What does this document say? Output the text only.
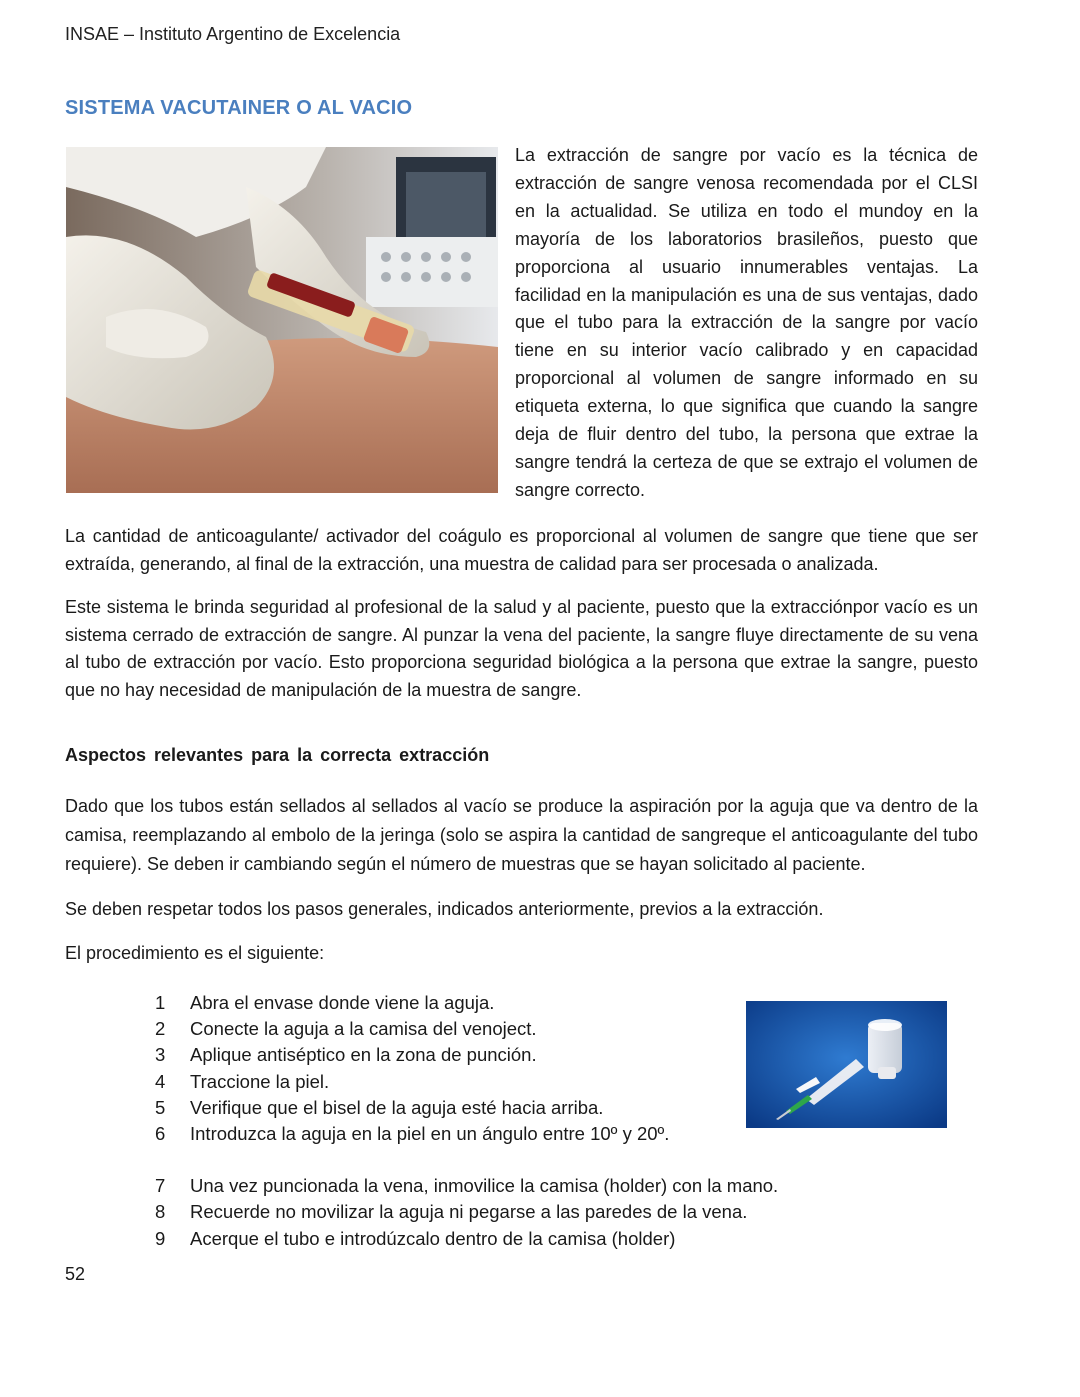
INSAE – Instituto Argentino de Excelencia
SISTEMA VACUTAINER O AL VACIO
La extracción de sangre por vacío es la técnica de extracción de sangre venosa recomendada por el CLSI en la actualidad. Se utiliza en todo el mundoy en la mayoría de los laboratorios brasileños, puesto que proporciona al usuario innumerables ventajas. La facilidad en la manipulación es una de sus ventajas, dado que el tubo para la extracción de la sangre por vacío tiene en su interior vacío calibrado y en capacidad proporcional al volumen de sangre informado en su etiqueta externa, lo que significa que cuando la sangre deja de fluir dentro del tubo, la persona que extrae la sangre tendrá la certeza de que se extrajo el volumen de sangre correcto.
La cantidad de anticoagulante/ activador del coágulo es proporcional al volumen de sangre que tiene que ser extraída, generando, al final de la extracción, una muestra de calidad para ser procesada o analizada.
Este sistema le brinda seguridad al profesional de la salud y al paciente, puesto que la extracciónpor vacío es un sistema cerrado de extracción de sangre. Al punzar la vena del paciente, la sangre fluye directamente de su vena al tubo de extracción por vacío. Esto proporciona seguridad biológica a la persona que extrae la sangre, puesto que no hay necesidad de manipulación de la muestra de sangre.
Aspectos relevantes para la correcta extracción
Dado que los tubos están sellados al sellados al vacío se produce la aspiración por la aguja que va dentro de la camisa, reemplazando al embolo de la jeringa (solo se aspira la cantidad de sangreque el anticoagulante del tubo requiere). Se deben ir cambiando según el número de muestras que se hayan solicitado al paciente.
Se deben respetar todos los pasos generales, indicados anteriormente, previos a la extracción.
El procedimiento es el siguiente:
1	Abra el envase donde viene la aguja.
2	Conecte la aguja a la camisa del venoject.
3	Aplique antiséptico en la zona de punción.
4	Traccione la piel.
5	Verifique que el bisel de la aguja esté hacia arriba.
6	Introduzca la aguja en la piel en un ángulo entre 10º y 20º.
7	Una vez puncionada la vena, inmovilice la camisa (holder) con la mano.
8	Recuerde no movilizar la aguja ni pegarse a las paredes de la vena.
9	Acerque el tubo e introdúzcalo dentro de la camisa (holder)
52
